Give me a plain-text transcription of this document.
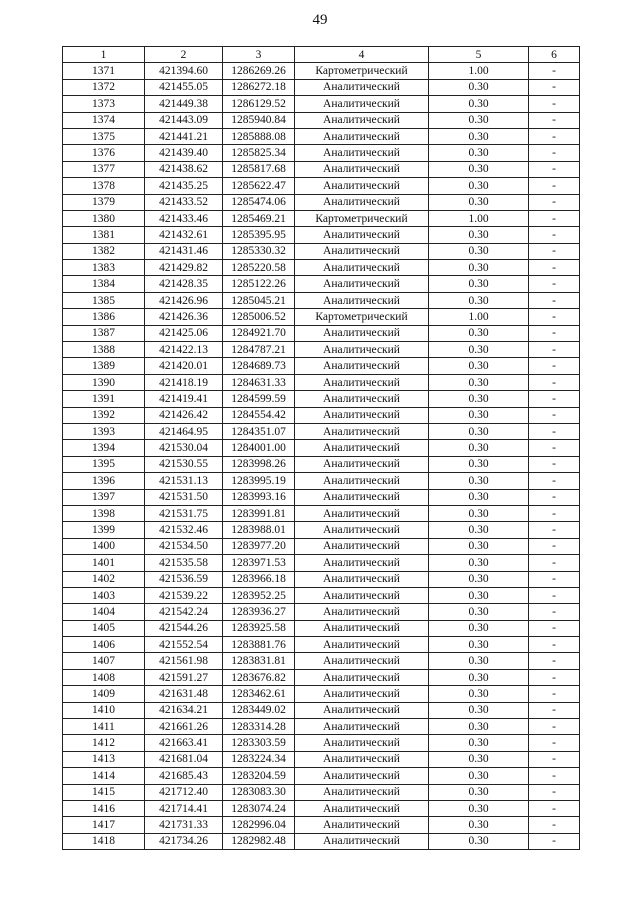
49
1	2	3	4	5	6
1371	421394.60	1286269.26	Картометрический	1.00	-
1372	421455.05	1286272.18	Аналитический	0.30	-
1373	421449.38	1286129.52	Аналитический	0.30	-
1374	421443.09	1285940.84	Аналитический	0.30	-
1375	421441.21	1285888.08	Аналитический	0.30	-
1376	421439.40	1285825.34	Аналитический	0.30	-
1377	421438.62	1285817.68	Аналитический	0.30	-
1378	421435.25	1285622.47	Аналитический	0.30	-
1379	421433.52	1285474.06	Аналитический	0.30	-
1380	421433.46	1285469.21	Картометрический	1.00	-
1381	421432.61	1285395.95	Аналитический	0.30	-
1382	421431.46	1285330.32	Аналитический	0.30	-
1383	421429.82	1285220.58	Аналитический	0.30	-
1384	421428.35	1285122.26	Аналитический	0.30	-
1385	421426.96	1285045.21	Аналитический	0.30	-
1386	421426.36	1285006.52	Картометрический	1.00	-
1387	421425.06	1284921.70	Аналитический	0.30	-
1388	421422.13	1284787.21	Аналитический	0.30	-
1389	421420.01	1284689.73	Аналитический	0.30	-
1390	421418.19	1284631.33	Аналитический	0.30	-
1391	421419.41	1284599.59	Аналитический	0.30	-
1392	421426.42	1284554.42	Аналитический	0.30	-
1393	421464.95	1284351.07	Аналитический	0.30	-
1394	421530.04	1284001.00	Аналитический	0.30	-
1395	421530.55	1283998.26	Аналитический	0.30	-
1396	421531.13	1283995.19	Аналитический	0.30	-
1397	421531.50	1283993.16	Аналитический	0.30	-
1398	421531.75	1283991.81	Аналитический	0.30	-
1399	421532.46	1283988.01	Аналитический	0.30	-
1400	421534.50	1283977.20	Аналитический	0.30	-
1401	421535.58	1283971.53	Аналитический	0.30	-
1402	421536.59	1283966.18	Аналитический	0.30	-
1403	421539.22	1283952.25	Аналитический	0.30	-
1404	421542.24	1283936.27	Аналитический	0.30	-
1405	421544.26	1283925.58	Аналитический	0.30	-
1406	421552.54	1283881.76	Аналитический	0.30	-
1407	421561.98	1283831.81	Аналитический	0.30	-
1408	421591.27	1283676.82	Аналитический	0.30	-
1409	421631.48	1283462.61	Аналитический	0.30	-
1410	421634.21	1283449.02	Аналитический	0.30	-
1411	421661.26	1283314.28	Аналитический	0.30	-
1412	421663.41	1283303.59	Аналитический	0.30	-
1413	421681.04	1283224.34	Аналитический	0.30	-
1414	421685.43	1283204.59	Аналитический	0.30	-
1415	421712.40	1283083.30	Аналитический	0.30	-
1416	421714.41	1283074.24	Аналитический	0.30	-
1417	421731.33	1282996.04	Аналитический	0.30	-
1418	421734.26	1282982.48	Аналитический	0.30	-
